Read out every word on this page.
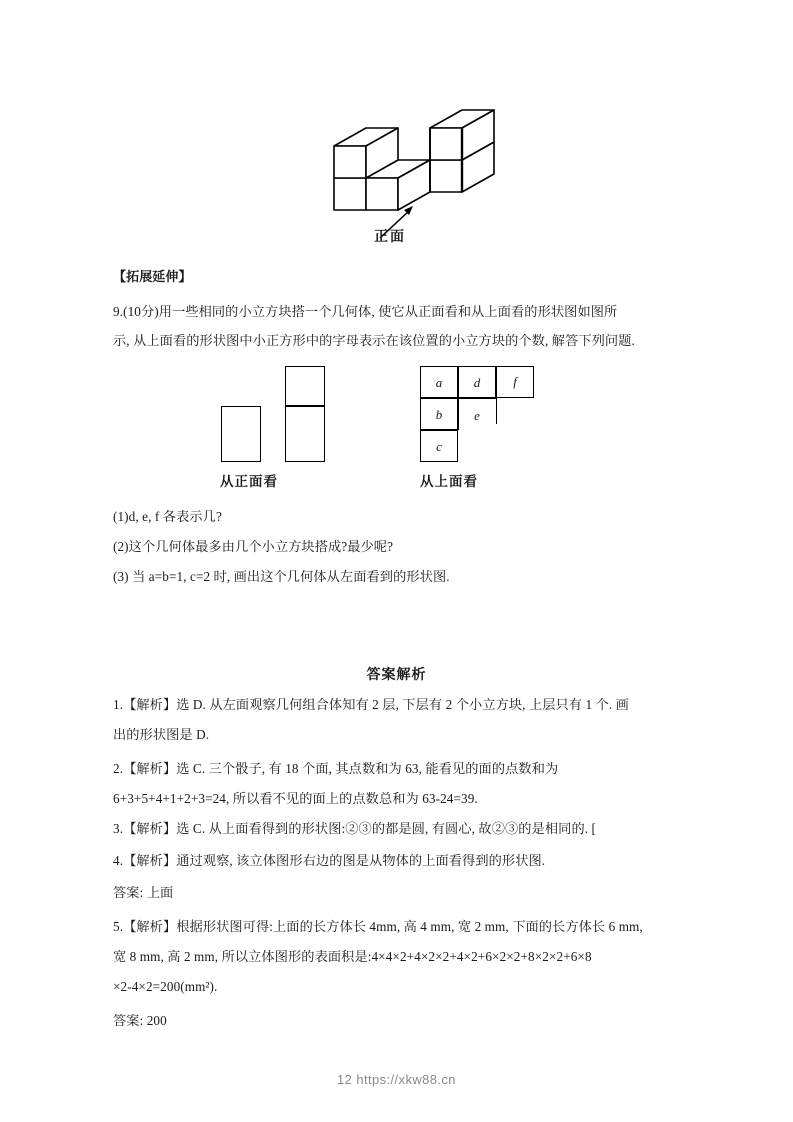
正面
【拓展延伸】
9.(10分)用一些相同的小立方块搭一个几何体, 使它从正面看和从上面看的形状图如图所
示, 从上面看的形状图中小正方形中的字母表示在该位置的小立方块的个数, 解答下列问题.
a	d	f
b	e
c
从正面看	从上面看
(1)d, e, f 各表示几?
(2)这个几何体最多由几个小立方块搭成?最少呢?
(3) 当 a=b=1, c=2 时, 画出这个几何体从左面看到的形状图.
答案解析
1.【解析】选 D. 从左面观察几何组合体知有 2 层, 下层有 2 个小立方块, 上层只有 1 个. 画
出的形状图是 D.
2.【解析】选 C. 三个骰子, 有 18 个面, 其点数和为 63, 能看见的面的点数和为
6+3+5+4+1+2+3=24, 所以看不见的面上的点数总和为 63-24=39.
3.【解析】选 C. 从上面看得到的形状图:②③的都是圆, 有圆心, 故②③的是相同的. [
4.【解析】通过观察, 该立体图形右边的图是从物体的上面看得到的形状图.
答案: 上面
5.【解析】根据形状图可得:上面的长方体长 4mm, 高 4 mm, 宽 2 mm, 下面的长方体长 6 mm,
宽 8 mm, 高 2 mm, 所以立体图形的表面积是:4×4×2+4×2×2+4×2+6×2×2+8×2×2+6×8
×2-4×2=200(mm²).
答案: 200
12 https://xkw88.cn
